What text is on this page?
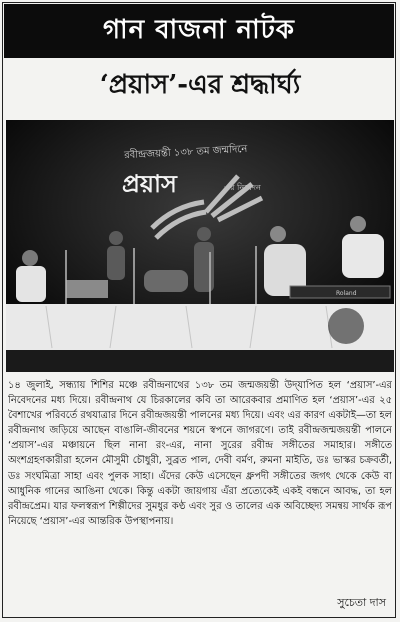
গান বাজনা নাটক
‘প্রয়াস’-এর শ্রদ্ধার্ঘ্য
রবীন্দ্রজয়ন্তী ১৩৮ তম জন্মদিনে
প্রয়াস	এর নিবেদন
Roland
১৪ জুলাই, সন্ধ্যায় শিশির মঞ্চে রবীন্দ্রনাথের ১৩৮ তম জন্মজয়ন্তী উদ্‌যাপিত হল ‘প্রয়াস’-এর নিবেদনের মধ্য দিয়ে। রবীন্দ্রনাথ যে চিরকালের কবি তা আরেকবার প্রমাণিত হল ‘প্রয়াস’-এর ২৫ বৈশাখের পরিবর্তে রথযাত্রার দিনে রবীন্দ্রজয়ন্তী পালনের মধ্য দিয়ে। এবং এর কারণ একটাই—তা হল রবীন্দ্রনাথ জড়িয়ে আছেন বাঙালি-জীবনের শয়নে স্বপনে জাগরণে। তাই রবীন্দ্রজন্মজয়ন্তী পালনে ‘প্রয়াস’-এর মঞ্চায়নে ছিল নানা রং-এর, নানা সুরের রবীন্দ্র সঙ্গীতের সমাহার। সঙ্গীতে অংশগ্রহণকারীরা হলেন মৌসুমী চৌধুরী, সুব্রত পাল, দেবী বর্মণ, রুমনা মাইতি, ডঃ ভাস্কর চক্রবর্তী, ডঃ সংঘমিত্রা সাহা এবং পুলক সাহা। এঁদের কেউ এসেছেন ধ্রুপদী সঙ্গীতের জগৎ থেকে কেউ বা আধুনিক গানের আঙিনা থেকে। কিন্তু একটা জায়গায় এঁরা প্রত্যেকেই একই বন্ধনে আবদ্ধ, তা হল রবীন্দ্রপ্রেম। যার ফলস্বরূপ শিল্পীদের সুমধুর কণ্ঠ এবং সুর ও তালের এক অবিচ্ছেদ্য সমন্বয় সার্থক রূপ নিয়েছে ‘প্রয়াস’-এর আন্তরিক উপস্থাপনায়।
সুচেতা দাস
